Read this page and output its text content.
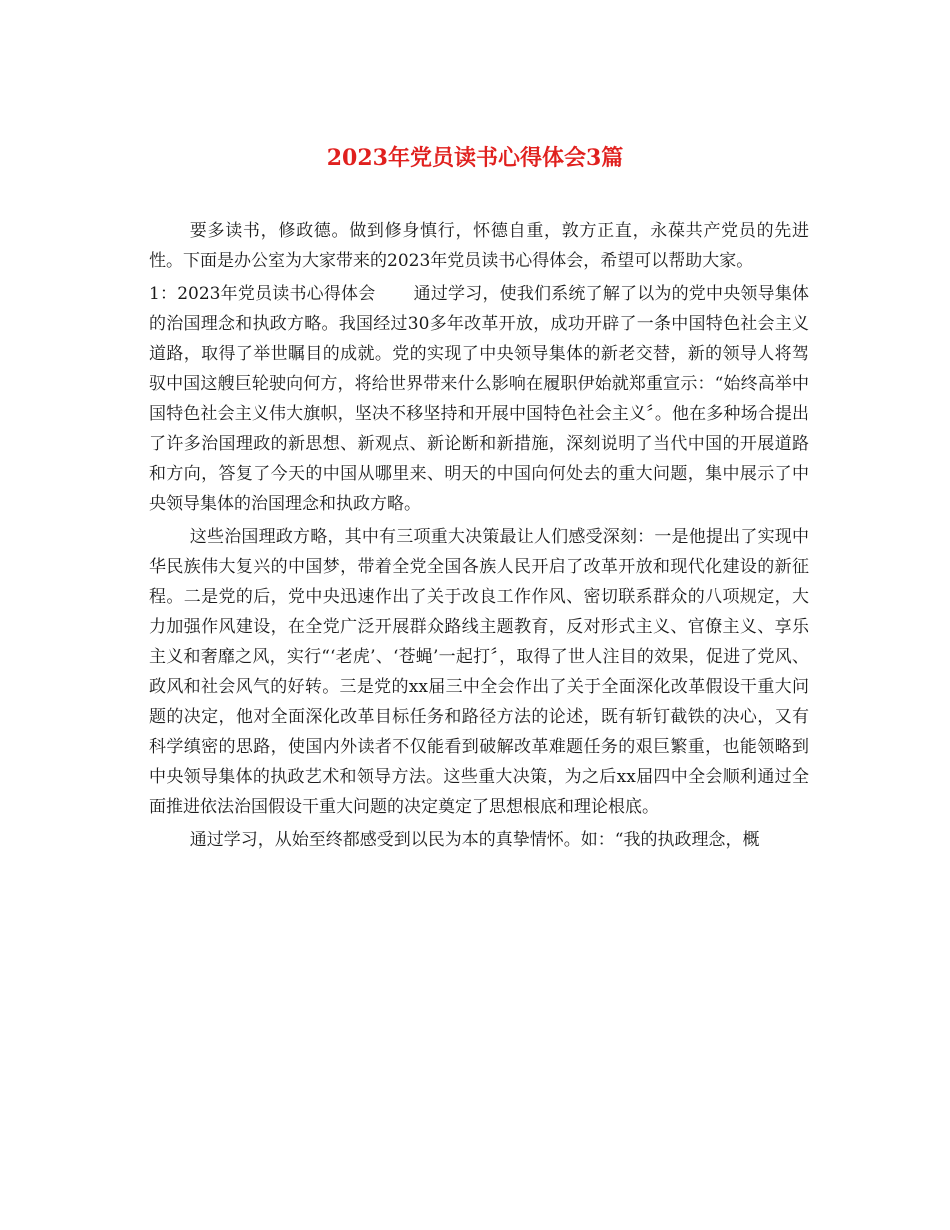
2023年党员读书心得体会3篇

要多读书，修政德。做到修身慎行，怀德自重，敦方正直，永葆共产党员的先进性。下面是办公室为大家带来的2023年党员读书心得体会，希望可以帮助大家。

1：2023年党员读书心得体会 通过学习，使我们系统了解了以为的党中央领导集体的治国理念和执政方略。我国经过30多年改革开放，成功开辟了一条中国特色社会主义道路，取得了举世瞩目的成就。党的实现了中央领导集体的新老交替，新的领导人将驾驭中国这艘巨轮驶向何方，将给世界带来什么影响在履职伊始就郑重宣示：“始终高举中国特色社会主义伟大旗帜，坚决不移坚持和开展中国特色社会主义〞。他在多种场合提出了许多治国理政的新思想、新观点、新论断和新措施，深刻说明了当代中国的开展道路和方向，答复了今天的中国从哪里来、明天的中国向何处去的重大问题，集中展示了中央领导集体的治国理念和执政方略。

这些治国理政方略，其中有三项重大决策最让人们感受深刻：一是他提出了实现中华民族伟大复兴的中国梦，带着全党全国各族人民开启了改革开放和现代化建设的新征程。二是党的后，党中央迅速作出了关于改良工作作风、密切联系群众的八项规定，大力加强作风建设，在全党广泛开展群众路线主题教育，反对形式主义、官僚主义、享乐主义和奢靡之风，实行“‘老虎’、‘苍蝇’一起打〞，取得了世人注目的效果，促进了党风、政风和社会风气的好转。三是党的xx届三中全会作出了关于全面深化改革假设干重大问题的决定，他对全面深化改革目标任务和路径方法的论述，既有斩钉截铁的决心，又有科学缜密的思路，使国内外读者不仅能看到破解改革难题任务的艰巨繁重，也能领略到中央领导集体的执政艺术和领导方法。这些重大决策，为之后xx届四中全会顺利通过全面推进依法治国假设干重大问题的决定奠定了思想根底和理论根底。

通过学习，从始至终都感受到以民为本的真挚情怀。如：“我的执政理念，概
